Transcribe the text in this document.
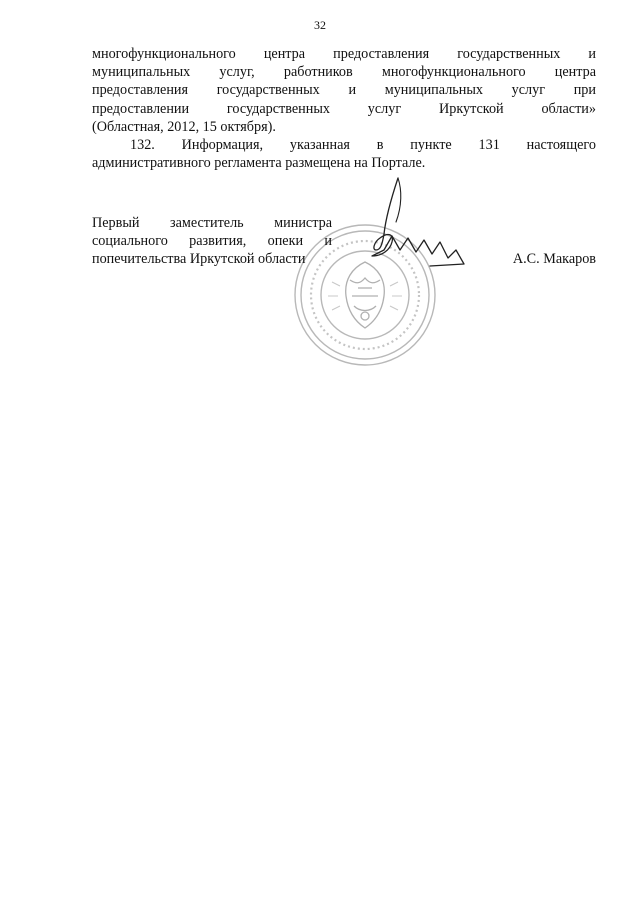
32

многофункционального центра предоставления государственных и

муниципальных услуг, работников многофункционального центра

предоставления государственных и муниципальных услуг при

предоставлении государственных услуг Иркутской области»

(Областная, 2012, 15 октября).

132. Информация, указанная в пункте 131 настоящего

административного регламента размещена на Портале.

Первый заместитель министра
социального развития, опеки и
попечительства Иркутской области	А.С. Макаров
